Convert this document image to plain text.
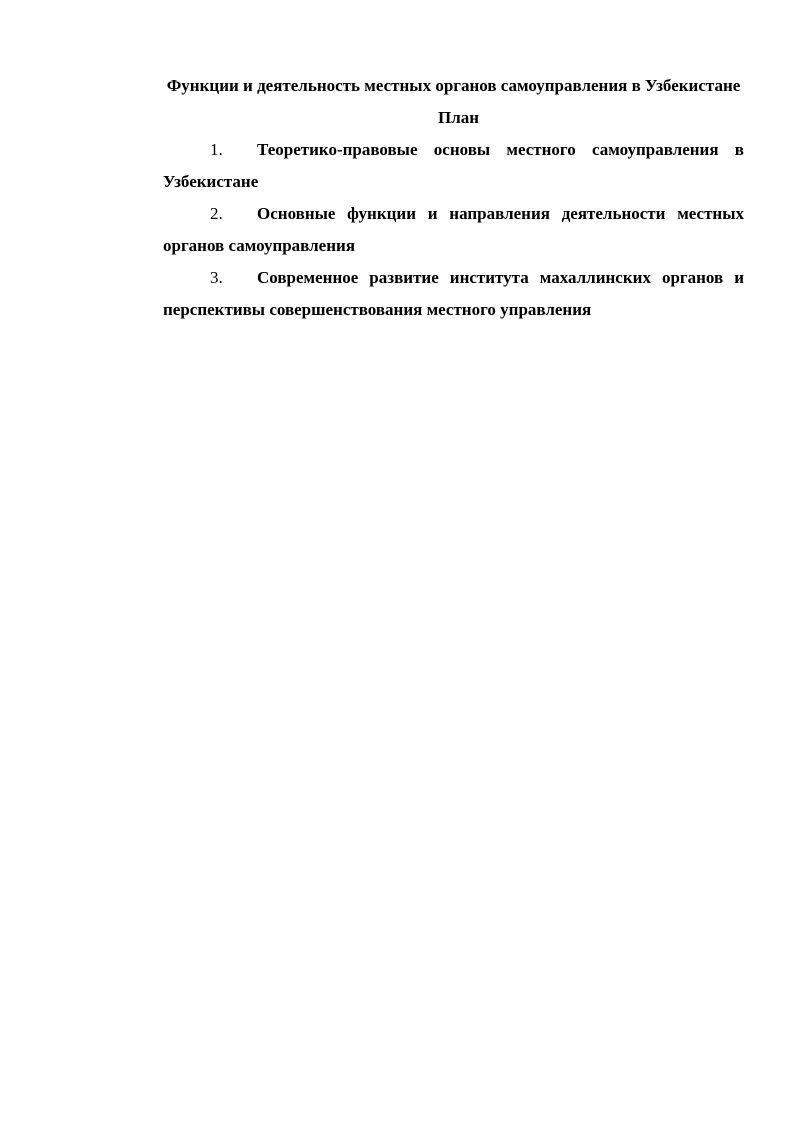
Функции и деятельность местных органов самоуправления в Узбекистане

План

1. Теоретико-правовые основы местного самоуправления в Узбекистане
2. Основные функции и направления деятельности местных органов самоуправления
3. Современное развитие института махаллинских органов и перспективы совершенствования местного управления
